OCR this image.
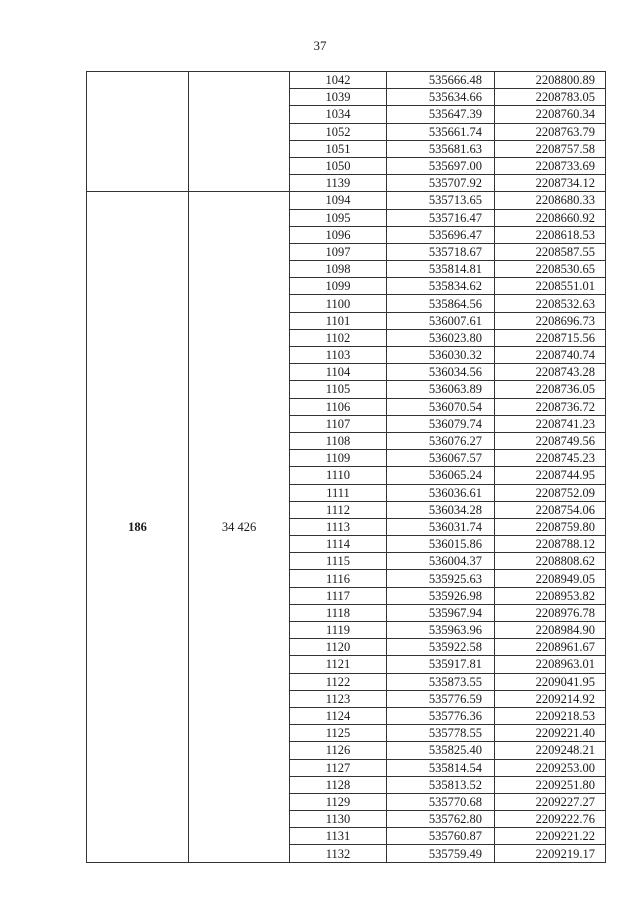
37
		1042	535666.48	2208800.89
		1039	535634.66	2208783.05
		1034	535647.39	2208760.34
		1052	535661.74	2208763.79
		1051	535681.63	2208757.58
		1050	535697.00	2208733.69
		1139	535707.92	2208734.12
186	34 426	1094	535713.65	2208680.33
		1095	535716.47	2208660.92
		1096	535696.47	2208618.53
		1097	535718.67	2208587.55
		1098	535814.81	2208530.65
		1099	535834.62	2208551.01
		1100	535864.56	2208532.63
		1101	536007.61	2208696.73
		1102	536023.80	2208715.56
		1103	536030.32	2208740.74
		1104	536034.56	2208743.28
		1105	536063.89	2208736.05
		1106	536070.54	2208736.72
		1107	536079.74	2208741.23
		1108	536076.27	2208749.56
		1109	536067.57	2208745.23
		1110	536065.24	2208744.95
		1111	536036.61	2208752.09
		1112	536034.28	2208754.06
		1113	536031.74	2208759.80
		1114	536015.86	2208788.12
		1115	536004.37	2208808.62
		1116	535925.63	2208949.05
		1117	535926.98	2208953.82
		1118	535967.94	2208976.78
		1119	535963.96	2208984.90
		1120	535922.58	2208961.67
		1121	535917.81	2208963.01
		1122	535873.55	2209041.95
		1123	535776.59	2209214.92
		1124	535776.36	2209218.53
		1125	535778.55	2209221.40
		1126	535825.40	2209248.21
		1127	535814.54	2209253.00
		1128	535813.52	2209251.80
		1129	535770.68	2209227.27
		1130	535762.80	2209222.76
		1131	535760.87	2209221.22
		1132	535759.49	2209219.17
